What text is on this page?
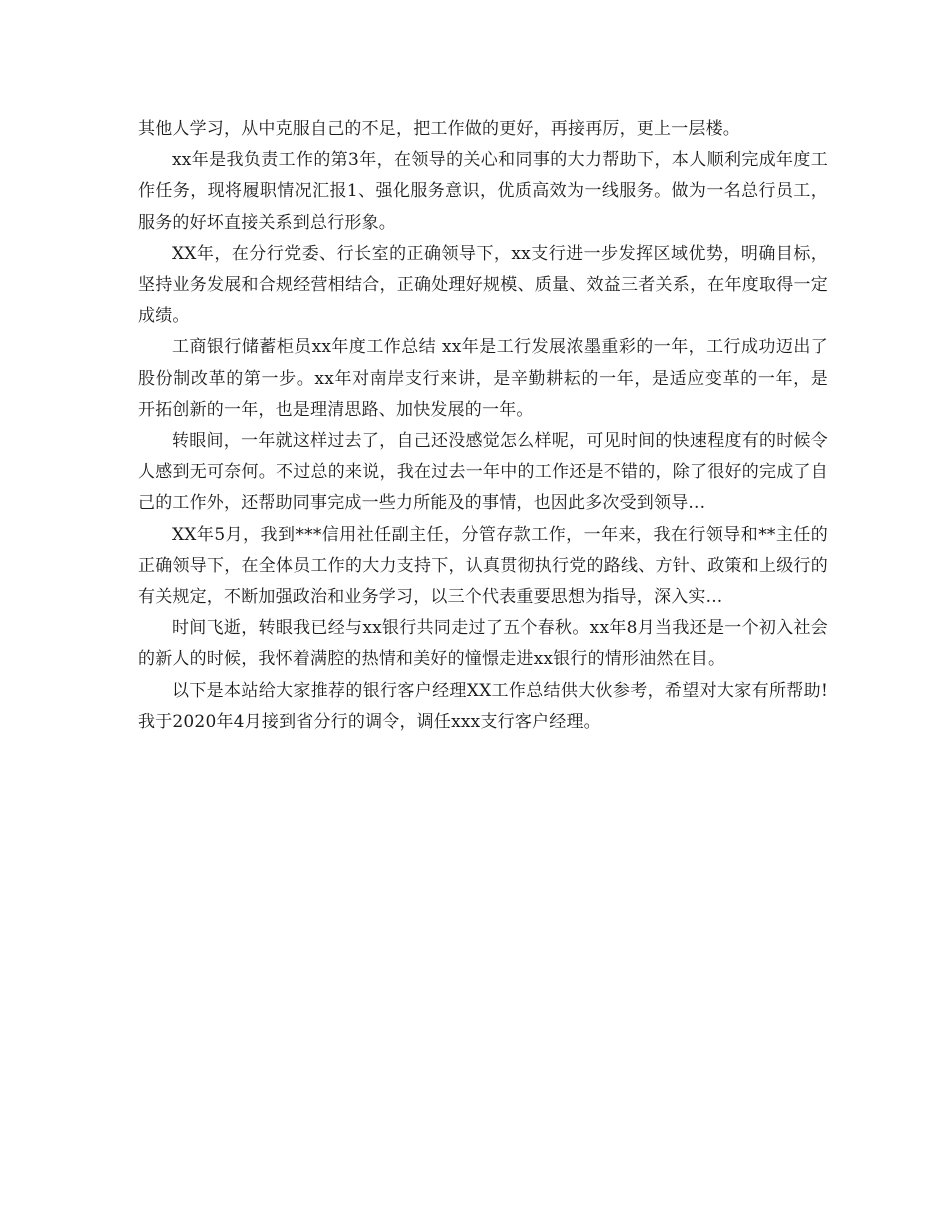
其他人学习，从中克服自己的不足，把工作做的更好，再接再厉，更上一层楼。

xx年是我负责工作的第3年，在领导的关心和同事的大力帮助下，本人顺利完成年度工作任务，现将履职情况汇报1、强化服务意识，优质高效为一线服务。做为一名总行员工，服务的好坏直接关系到总行形象。

XX年，在分行党委、行长室的正确领导下，xx支行进一步发挥区域优势，明确目标，坚持业务发展和合规经营相结合，正确处理好规模、质量、效益三者关系，在年度取得一定成绩。

工商银行储蓄柜员xx年度工作总结 xx年是工行发展浓墨重彩的一年，工行成功迈出了股份制改革的第一步。xx年对南岸支行来讲，是辛勤耕耘的一年，是适应变革的一年，是开拓创新的一年，也是理清思路、加快发展的一年。

转眼间，一年就这样过去了，自己还没感觉怎么样呢，可见时间的快速程度有的时候令人感到无可奈何。不过总的来说，我在过去一年中的工作还是不错的，除了很好的完成了自己的工作外，还帮助同事完成一些力所能及的事情，也因此多次受到领导...

XX年5月，我到***信用社任副主任，分管存款工作，一年来，我在行领导和**主任的正确领导下，在全体员工作的大力支持下，认真贯彻执行党的路线、方针、政策和上级行的有关规定，不断加强政治和业务学习，以三个代表重要思想为指导，深入实...

时间飞逝，转眼我已经与xx银行共同走过了五个春秋。xx年8月当我还是一个初入社会的新人的时候，我怀着满腔的热情和美好的憧憬走进xx银行的情形油然在目。

以下是本站给大家推荐的银行客户经理XX工作总结供大伙参考，希望对大家有所帮助!我于2020年4月接到省分行的调令，调任xxx支行客户经理。
